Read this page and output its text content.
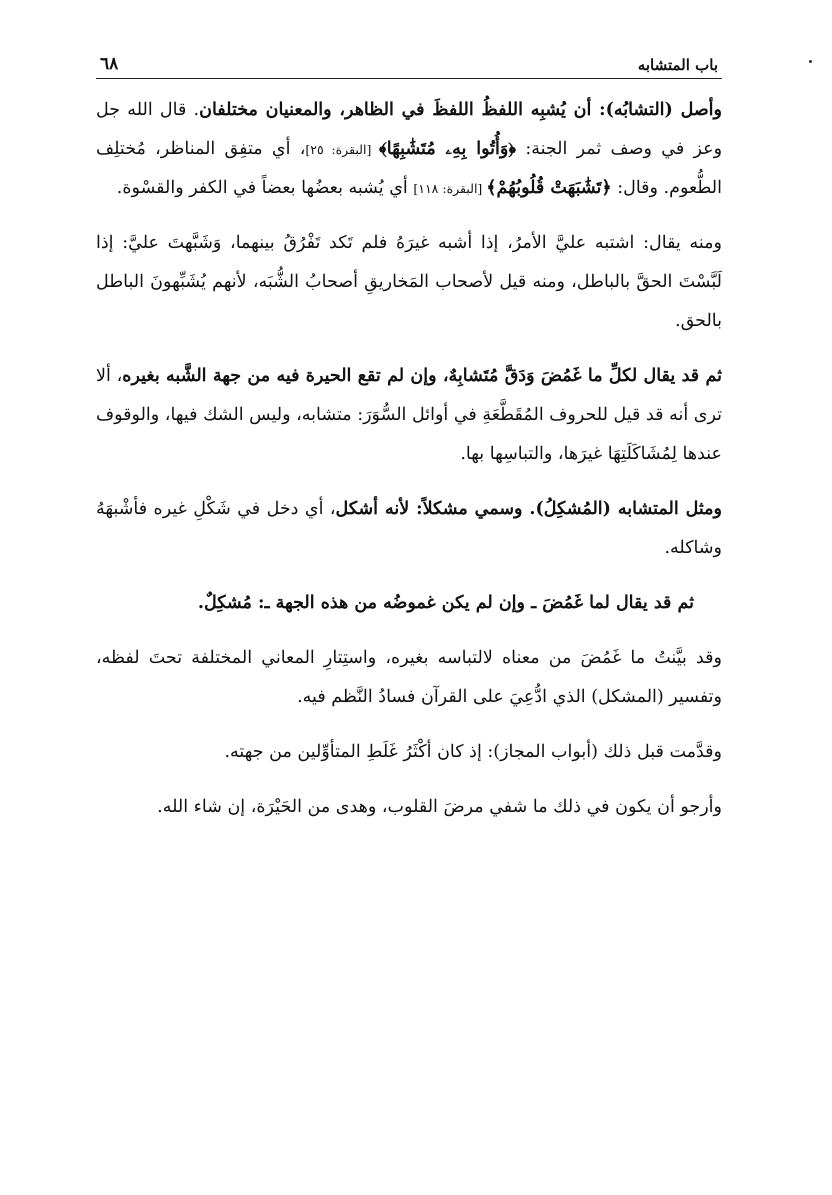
باب المتشابه
٦٨

وأصل (التشابُه): أن يُشبِه اللفظُ اللفظَ في الظاهر، والمعنيان مختلفان. قال الله جل وعز في وصف ثمر الجنة: ﴿وَأُتُوا بِهِۦ مُتَشَٰبِهًا﴾ [البقرة: ٢٥]، أي متفِق المناظر، مُختلِف الطُّعوم. وقال: ﴿تَشَٰبَهَتْ قُلُوبُهُمْ﴾ [البقرة: ١١٨] أي يُشبه بعضُها بعضاً في الكفر والقسْوة.

ومنه يقال: اشتبه عليَّ الأمرُ، إذا أشبه غيرَهُ فلم تَكد تَفْرُقُ بينهما، وَشَبَّهتَ عليَّ: إذا لَبَّسْتَ الحقَّ بالباطل، ومنه قيل لأصحاب المَخاريقِ أصحابُ الشُّبَه، لأنهم يُشَبِّهونَ الباطل بالحق.

ثم قد يقال لكلِّ ما غَمُضَ وَدَقَّ مُتَشابِهٌ، وإن لم تقع الحيرة فيه من جهة الشَّبه بغيره، ألا ترى أنه قد قيل للحروف المُقَطَّعَةِ في أوائل السُّوَرَ: متشابه، وليس الشك فيها، والوقوف عندها لِمُشَاكَلَتِهَا غيرَها، والتباسِها بها.

ومثل المتشابه (المُشكِلُ). وسمي مشكلاً: لأنه أشكل، أي دخل في شَكْلِ غيره فأشْبهَهُ وشاكله.

ثم قد يقال لما غَمُضَ ـ وإن لم يكن غموضُه من هذه الجهة ـ: مُشكِلٌ.

وقد بيَّنتُ ما غَمُضَ من معناه لالتباسه بغيره، واستِتارِ المعاني المختلفة تحتَ لفظه، وتفسير (المشكل) الذي ادُّعِيَ على القرآن فسادُ النَّظم فيه.

وقدَّمت قبل ذلك (أبواب المجاز): إذ كان أكْثَرُ غَلَطِ المتأوِّلين من جهته.

وأرجو أن يكون في ذلك ما شفي مرضَ القلوب، وهدى من الحَيْرَة، إن شاء الله.
